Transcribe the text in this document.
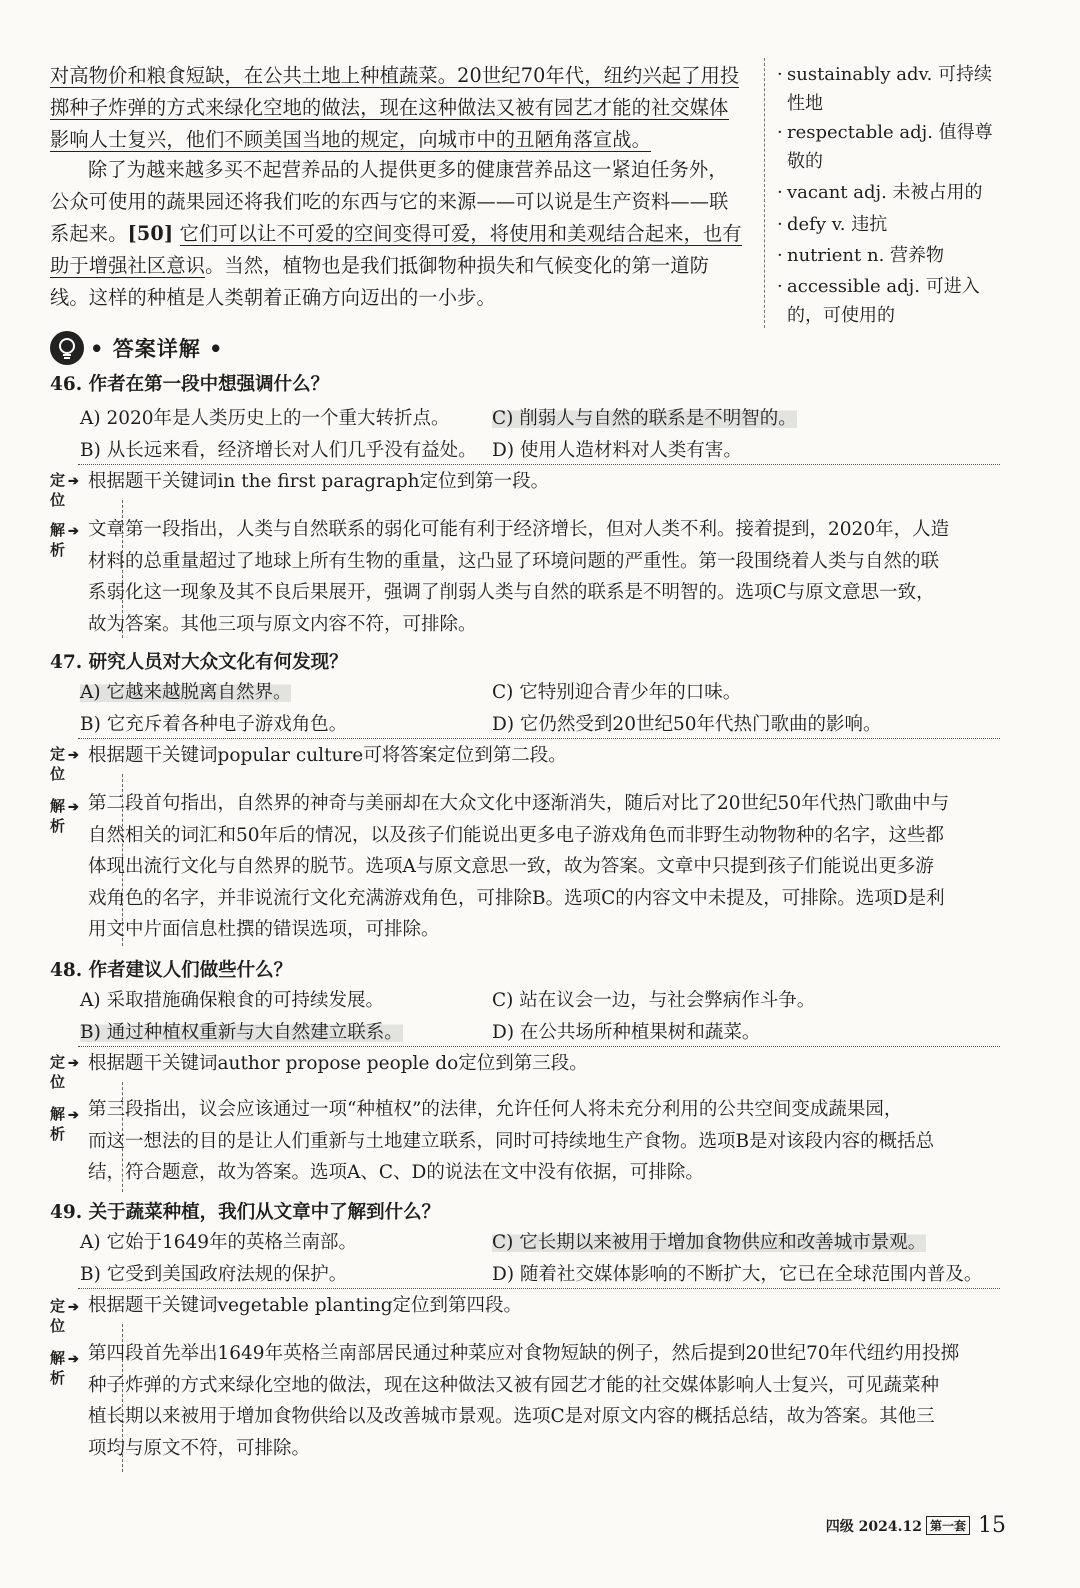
对高物价和粮食短缺，在公共土地上种植蔬菜。20世纪70年代，纽约兴起了用投
掷种子炸弹的方式来绿化空地的做法，现在这种做法又被有园艺才能的社交媒体
影响人士复兴，他们不顾美国当地的规定，向城市中的丑陋角落宣战。
除了为越来越多买不起营养品的人提供更多的健康营养品这一紧迫任务外，
公众可使用的蔬果园还将我们吃的东西与它的来源——可以说是生产资料——联
系起来。[50] 它们可以让不可爱的空间变得可爱，将使用和美观结合起来，也有
助于增强社区意识。当然，植物也是我们抵御物种损失和气候变化的第一道防
线。这样的种植是人类朝着正确方向迈出的一小步。
· sustainably adv. 可持续
性地
· respectable adj. 值得尊
敬的
· vacant adj. 未被占用的
· defy v. 违抗
· nutrient n. 营养物
· accessible adj. 可进入
的，可使用的
• 答案详解 •
46. 作者在第一段中想强调什么？
A) 2020年是人类历史上的一个重大转折点。 C) 削弱人与自然的联系是不明智的。
B) 从长远来看，经济增长对人们几乎没有益处。 D) 使用人造材料对人类有害。
定位
➔ 根据题干关键词in the first paragraph定位到第一段。
解析
➔ 文章第一段指出，人类与自然联系的弱化可能有利于经济增长，但对人类不利。接着提到，2020年，人造
材料的总重量超过了地球上所有生物的重量，这凸显了环境问题的严重性。第一段围绕着人类与自然的联
系弱化这一现象及其不良后果展开，强调了削弱人类与自然的联系是不明智的。选项C与原文意思一致，
故为答案。其他三项与原文内容不符，可排除。
47. 研究人员对大众文化有何发现？
A) 它越来越脱离自然界。	C) 它特别迎合青少年的口味。
B) 它充斥着各种电子游戏角色。	D) 它仍然受到20世纪50年代热门歌曲的影响。
定位
➔ 根据题干关键词popular culture可将答案定位到第二段。
解析
➔ 第二段首句指出，自然界的神奇与美丽却在大众文化中逐渐消失，随后对比了20世纪50年代热门歌曲中与
自然相关的词汇和50年后的情况，以及孩子们能说出更多电子游戏角色而非野生动物物种的名字，这些都
体现出流行文化与自然界的脱节。选项A与原文意思一致，故为答案。文章中只提到孩子们能说出更多游
戏角色的名字，并非说流行文化充满游戏角色，可排除B。选项C的内容文中未提及，可排除。选项D是利
用文中片面信息杜撰的错误选项，可排除。
48. 作者建议人们做些什么？
A) 采取措施确保粮食的可持续发展。	C) 站在议会一边，与社会弊病作斗争。
B) 通过种植权重新与大自然建立联系。	D) 在公共场所种植果树和蔬菜。
定位
➔ 根据题干关键词author propose people do定位到第三段。
解析
➔ 第三段指出，议会应该通过一项“种植权”的法律，允许任何人将未充分利用的公共空间变成蔬果园，
而这一想法的目的是让人们重新与土地建立联系，同时可持续地生产食物。选项B是对该段内容的概括总
结，符合题意，故为答案。选项A、C、D的说法在文中没有依据，可排除。
49. 关于蔬菜种植，我们从文章中了解到什么？
A) 它始于1649年的英格兰南部。	C) 它长期以来被用于增加食物供应和改善城市景观。
B) 它受到美国政府法规的保护。	D) 随着社交媒体影响的不断扩大，它已在全球范围内普及。
定位
➔ 根据题干关键词vegetable planting定位到第四段。
解析
➔ 第四段首先举出1649年英格兰南部居民通过种菜应对食物短缺的例子，然后提到20世纪70年代纽约用投掷
种子炸弹的方式来绿化空地的做法，现在这种做法又被有园艺才能的社交媒体影响人士复兴，可见蔬菜种
植长期以来被用于增加食物供给以及改善城市景观。选项C是对原文内容的概括总结，故为答案。其他三
项均与原文不符，可排除。
四级 2024.12 第一套 15
